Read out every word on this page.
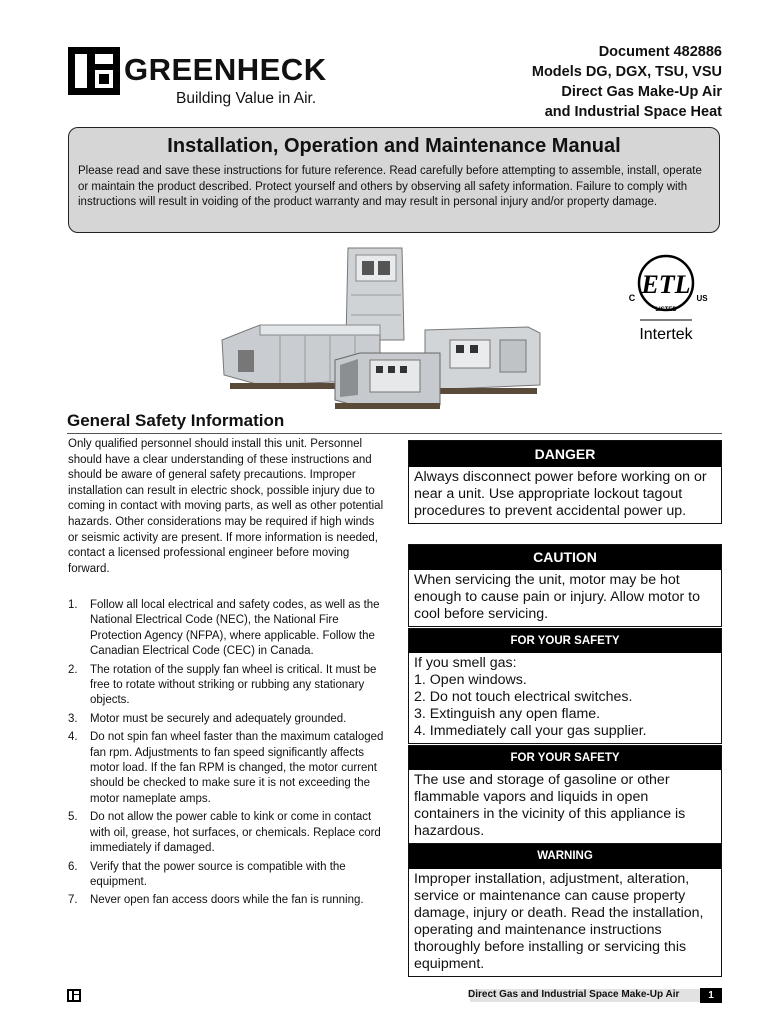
GREENHECK
®
Building Value in Air.
Document 482886
Models DG, DGX, TSU, VSU
Direct Gas Make-Up Air
and Industrial Space Heat
Installation, Operation and Maintenance Manual
Please read and save these instructions for future reference. Read carefully before attempting to assemble, install, operate or maintain the product described. Protect yourself and others by observing all safety information. Failure to comply with instructions will result in voiding of the product warranty and may result in personal injury and/or property damage.
ETL
LISTED
C	US
Intertek
General Safety Information
Only qualified personnel should install this unit. Personnel should have a clear understanding of these instructions and should be aware of general safety precautions. Improper installation can result in electric shock, possible injury due to coming in contact with moving parts, as well as other potential hazards. Other considerations may be required if high winds or seismic activity are present. If more information is needed, contact a licensed professional engineer before moving forward.
1. Follow all local electrical and safety codes, as well as the National Electrical Code (NEC), the National Fire Protection Agency (NFPA), where applicable. Follow the Canadian Electrical Code (CEC) in Canada.
2. The rotation of the supply fan wheel is critical. It must be free to rotate without striking or rubbing any stationary objects.
3. Motor must be securely and adequately grounded.
4. Do not spin fan wheel faster than the maximum cataloged fan rpm. Adjustments to fan speed significantly affects motor load. If the fan RPM is changed, the motor current should be checked to make sure it is not exceeding the motor nameplate amps.
5. Do not allow the power cable to kink or come in contact with oil, grease, hot surfaces, or chemicals. Replace cord immediately if damaged.
6. Verify that the power source is compatible with the equipment.
7. Never open fan access doors while the fan is running.
DANGER
Always disconnect power before working on or near a unit. Use appropriate lockout tagout procedures to prevent accidental power up.
CAUTION
When servicing the unit, motor may be hot enough to cause pain or injury. Allow motor to cool before servicing.
FOR YOUR SAFETY
If you smell gas:
1. Open windows.
2. Do not touch electrical switches.
3. Extinguish any open flame.
4. Immediately call your gas supplier.
FOR YOUR SAFETY
The use and storage of gasoline or other flammable vapors and liquids in open containers in the vicinity of this appliance is hazardous.
WARNING
Improper installation, adjustment, alteration, service or maintenance can cause property damage, injury or death. Read the installation, operating and maintenance instructions thoroughly before installing or servicing this equipment.
Direct Gas and Industrial Space Make-Up Air	1
